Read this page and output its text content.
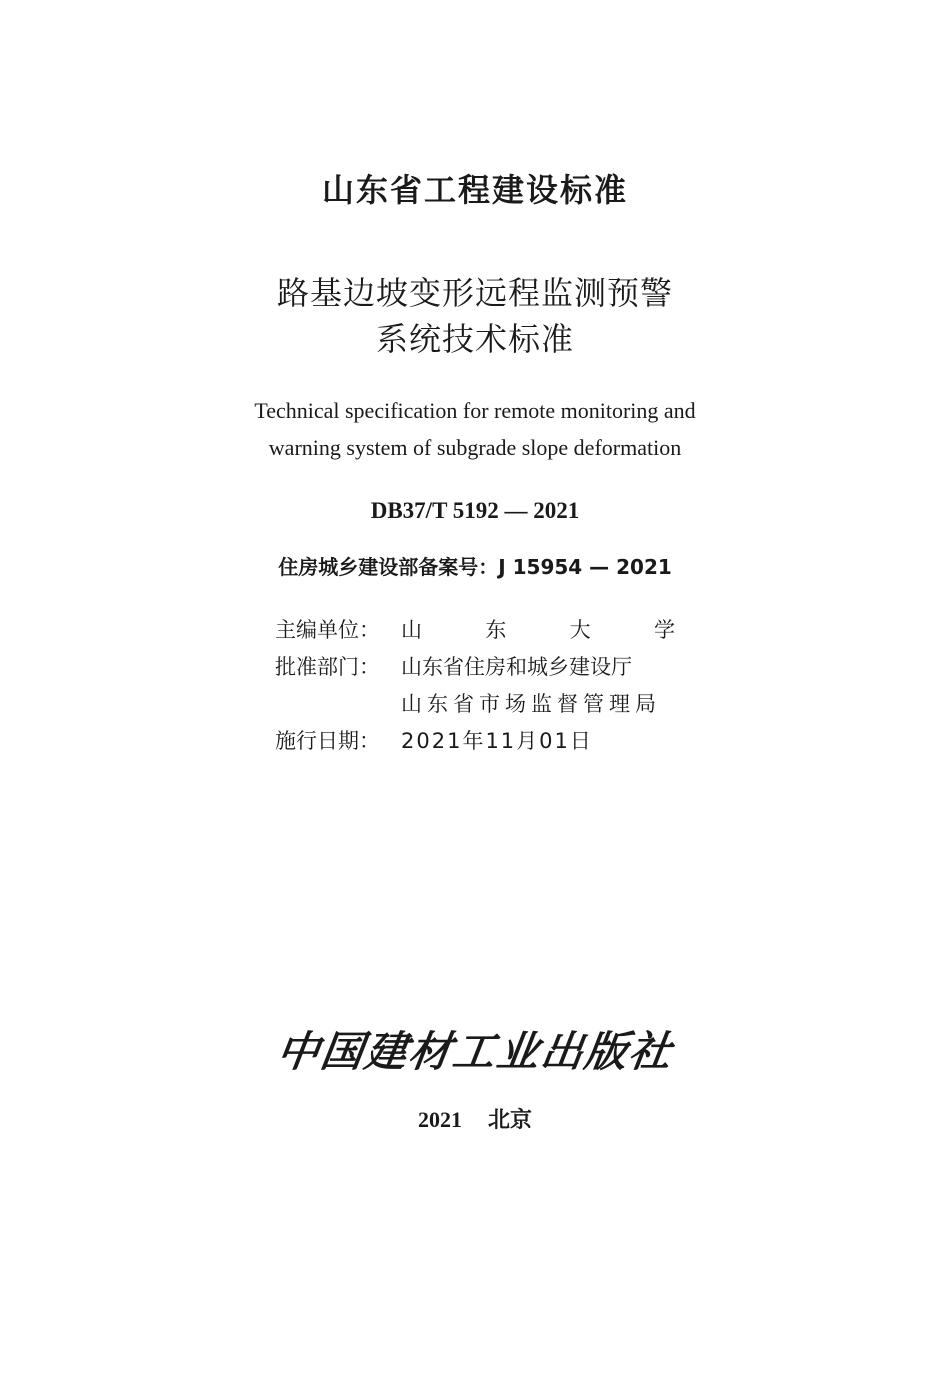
山东省工程建设标准
路基边坡变形远程监测预警
系统技术标准
Technical specification for remote monitoring and
warning system of subgrade slope deformation
DB37/T 5192 — 2021
住房城乡建设部备案号：J 15954 — 2021
主编单位：	山	东	大	学
批准部门：	山东省住房和城乡建设厅
山东省市场监督管理局
施行日期：	2021年11月01日
中国建材工业出版社
2021 北京
